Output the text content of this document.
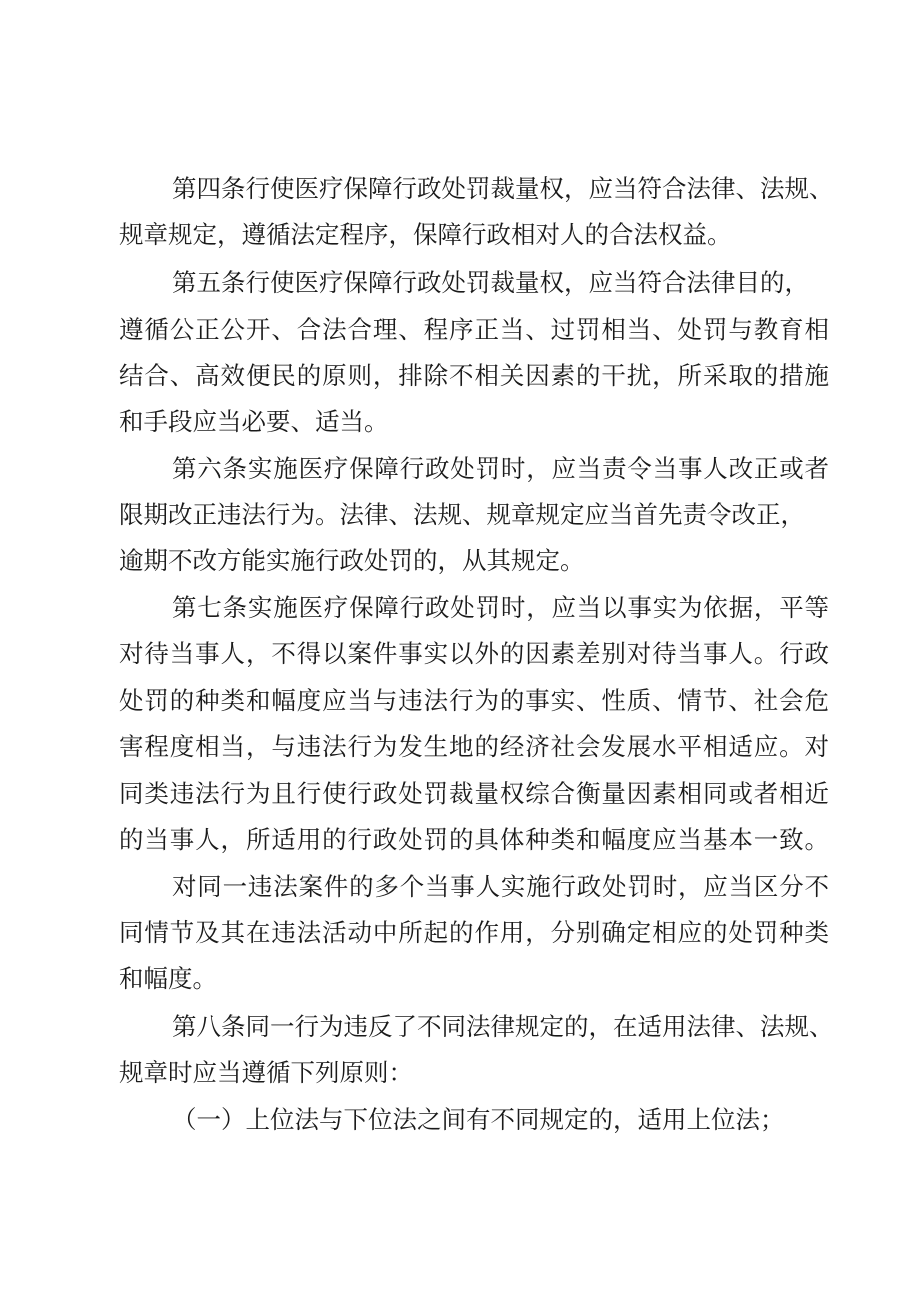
第四条行使医疗保障行政处罚裁量权，应当符合法律、法规、
规章规定，遵循法定程序，保障行政相对人的合法权益。
第五条行使医疗保障行政处罚裁量权，应当符合法律目的，
遵循公正公开、合法合理、程序正当、过罚相当、处罚与教育相
结合、高效便民的原则，排除不相关因素的干扰，所采取的措施
和手段应当必要、适当。
第六条实施医疗保障行政处罚时，应当责令当事人改正或者
限期改正违法行为。法律、法规、规章规定应当首先责令改正，
逾期不改方能实施行政处罚的，从其规定。
第七条实施医疗保障行政处罚时，应当以事实为依据，平等
对待当事人，不得以案件事实以外的因素差别对待当事人。行政
处罚的种类和幅度应当与违法行为的事实、性质、情节、社会危
害程度相当，与违法行为发生地的经济社会发展水平相适应。对
同类违法行为且行使行政处罚裁量权综合衡量因素相同或者相近
的当事人，所适用的行政处罚的具体种类和幅度应当基本一致。
对同一违法案件的多个当事人实施行政处罚时，应当区分不
同情节及其在违法活动中所起的作用，分别确定相应的处罚种类
和幅度。
第八条同一行为违反了不同法律规定的，在适用法律、法规、
规章时应当遵循下列原则：
（一）上位法与下位法之间有不同规定的，适用上位法；
